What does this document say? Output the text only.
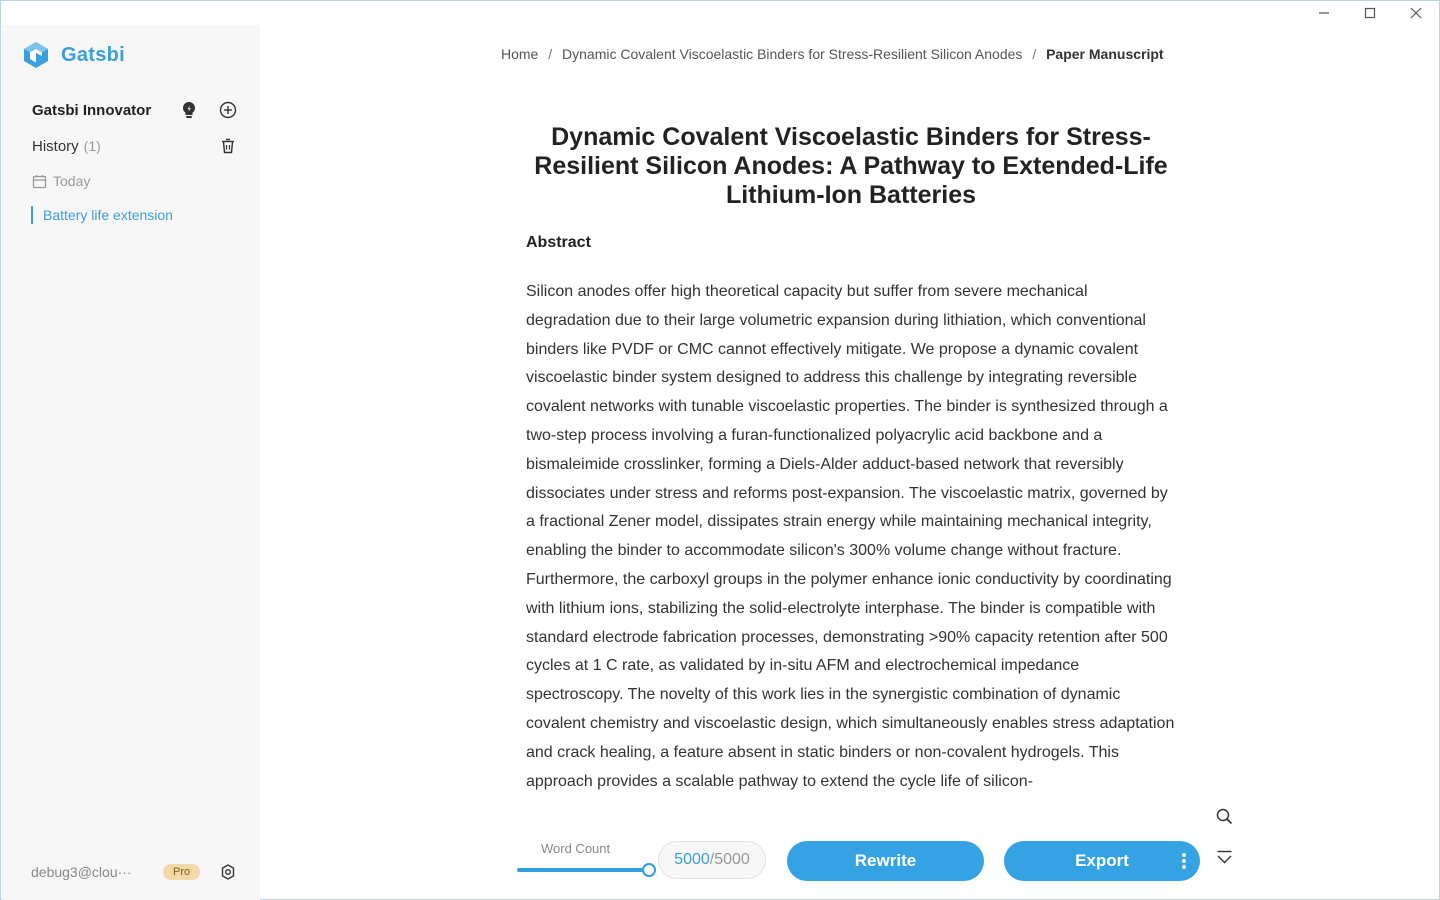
Gatsbi
Gatsbi Innovator
History (1)
Today
Battery life extension
debug3@clou···	Pro
Home / Dynamic Covalent Viscoelastic Binders for Stress-Resilient Silicon Anodes / Paper Manuscript
Dynamic Covalent Viscoelastic Binders for Stress-Resilient Silicon Anodes: A Pathway to Extended-Life Lithium-Ion Batteries
Abstract
Silicon anodes offer high theoretical capacity but suffer from severe mechanical degradation due to their large volumetric expansion during lithiation, which conventional binders like PVDF or CMC cannot effectively mitigate. We propose a dynamic covalent viscoelastic binder system designed to address this challenge by integrating reversible covalent networks with tunable viscoelastic properties. The binder is synthesized through a two-step process involving a furan-functionalized polyacrylic acid backbone and a bismaleimide crosslinker, forming a Diels-Alder adduct-based network that reversibly dissociates under stress and reforms post-expansion. The viscoelastic matrix, governed by a fractional Zener model, dissipates strain energy while maintaining mechanical integrity, enabling the binder to accommodate silicon's 300% volume change without fracture. Furthermore, the carboxyl groups in the polymer enhance ionic conductivity by coordinating with lithium ions, stabilizing the solid-electrolyte interphase. The binder is compatible with standard electrode fabrication processes, demonstrating >90% capacity retention after 500 cycles at 1 C rate, as validated by in-situ AFM and electrochemical impedance spectroscopy. The novelty of this work lies in the synergistic combination of dynamic covalent chemistry and viscoelastic design, which simultaneously enables stress adaptation and crack healing, a feature absent in static binders or non-covalent hydrogels. This approach provides a scalable pathway to extend the cycle life of silicon-
Word Count
5000 /5000	Rewrite	Export
